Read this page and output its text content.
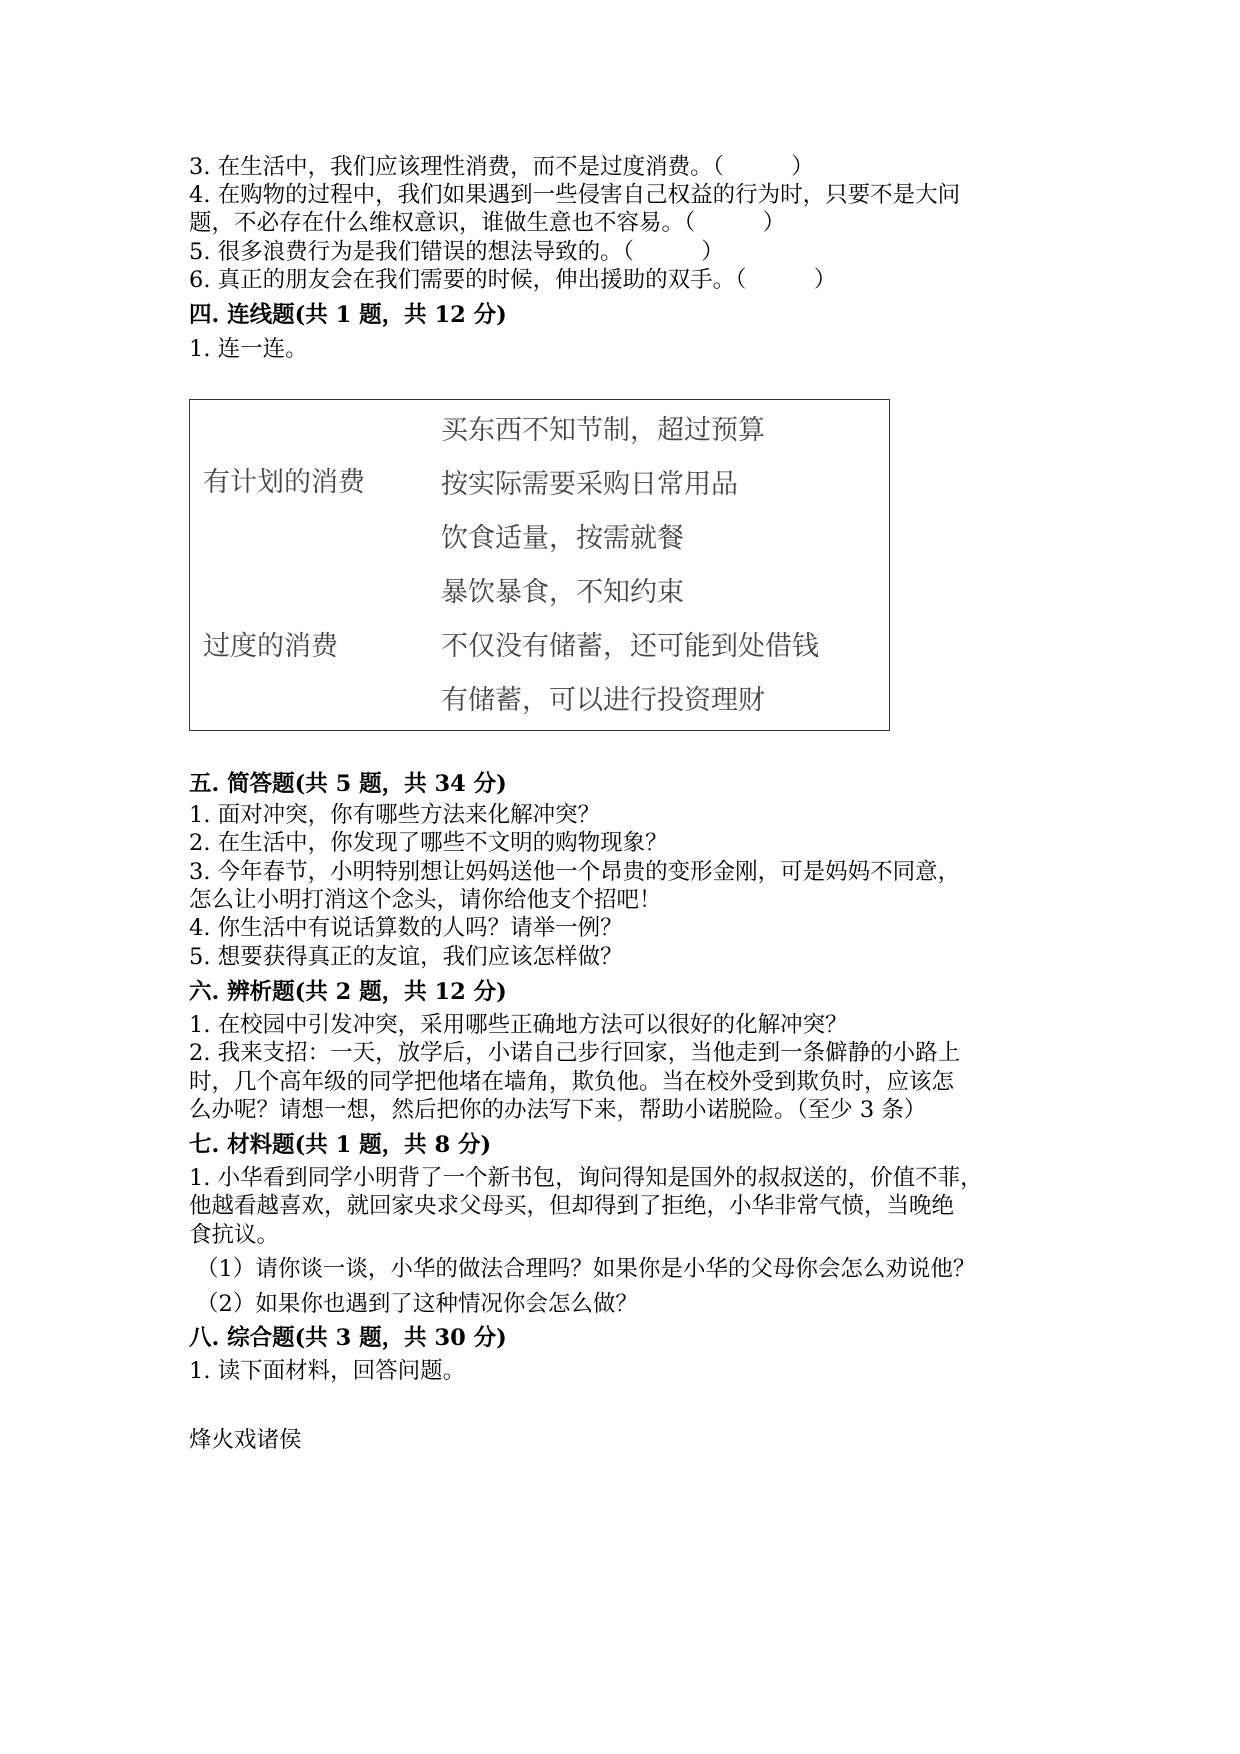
3. 在生活中，我们应该理性消费，而不是过度消费。（　　　）
4. 在购物的过程中，我们如果遇到一些侵害自己权益的行为时，只要不是大问
题，不必存在什么维权意识，谁做生意也不容易。（　　　）
5. 很多浪费行为是我们错误的想法导致的。（　　　）
6. 真正的朋友会在我们需要的时候，伸出援助的双手。（　　　）
四. 连线题(共 1 题，共 12 分)
1. 连一连。
有计划的消费
过度的消费
买东西不知节制，超过预算
按实际需要采购日常用品
饮食适量，按需就餐
暴饮暴食，不知约束
不仅没有储蓄，还可能到处借钱
有储蓄，可以进行投资理财
五. 简答题(共 5 题，共 34 分)
1. 面对冲突，你有哪些方法来化解冲突？
2. 在生活中，你发现了哪些不文明的购物现象？
3. 今年春节，小明特别想让妈妈送他一个昂贵的变形金刚，可是妈妈不同意，
怎么让小明打消这个念头，请你给他支个招吧！
4. 你生活中有说话算数的人吗？请举一例？
5. 想要获得真正的友谊，我们应该怎样做？
六. 辨析题(共 2 题，共 12 分)
1. 在校园中引发冲突，采用哪些正确地方法可以很好的化解冲突？
2. 我来支招：一天，放学后，小诺自己步行回家，当他走到一条僻静的小路上
时，几个高年级的同学把他堵在墙角，欺负他。当在校外受到欺负时，应该怎
么办呢？请想一想，然后把你的办法写下来，帮助小诺脱险。（至少 3 条）
七. 材料题(共 1 题，共 8 分)
1. 小华看到同学小明背了一个新书包，询问得知是国外的叔叔送的，价值不菲，
他越看越喜欢，就回家央求父母买，但却得到了拒绝，小华非常气愤，当晚绝
食抗议。
（1）请你谈一谈，小华的做法合理吗？如果你是小华的父母你会怎么劝说他？
（2）如果你也遇到了这种情况你会怎么做？
八. 综合题(共 3 题，共 30 分)
1. 读下面材料，回答问题。
烽火戏诸侯
